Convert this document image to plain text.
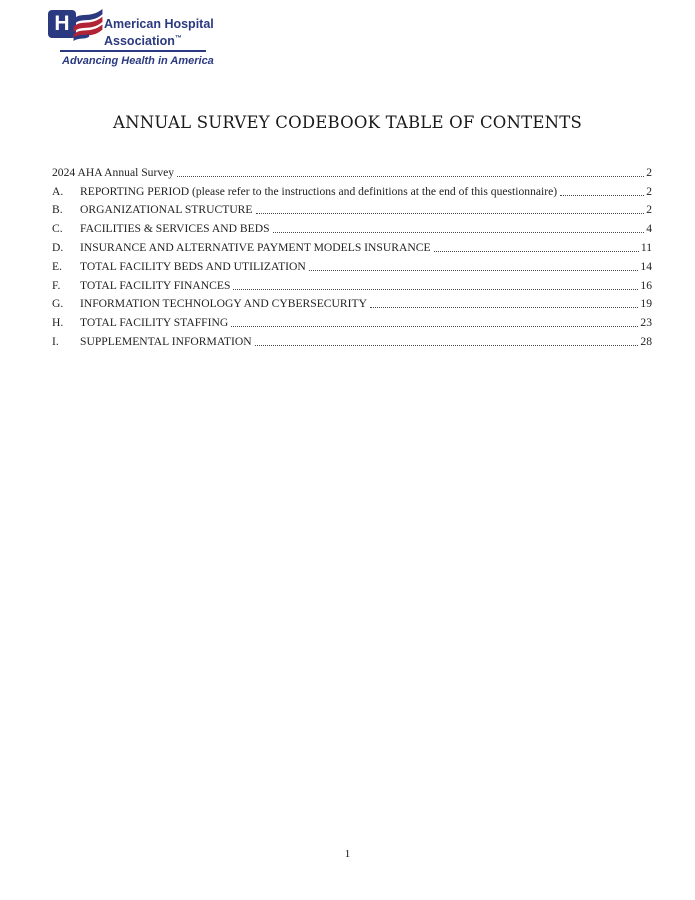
H	American Hospital
Association™
Advancing Health in America
ANNUAL SURVEY CODEBOOK TABLE OF CONTENTS
2024 AHA Annual Survey	2
A.	REPORTING PERIOD (please refer to the instructions and definitions at the end of this questionnaire)	2
B.	ORGANIZATIONAL STRUCTURE	2
C.	FACILITIES & SERVICES AND BEDS	4
D.	INSURANCE AND ALTERNATIVE PAYMENT MODELS INSURANCE	11
E.	TOTAL FACILITY BEDS AND UTILIZATION	14
F.	TOTAL FACILITY FINANCES	16
G.	INFORMATION TECHNOLOGY AND CYBERSECURITY	19
H.	TOTAL FACILITY STAFFING	23
I.	SUPPLEMENTAL INFORMATION	28
1
